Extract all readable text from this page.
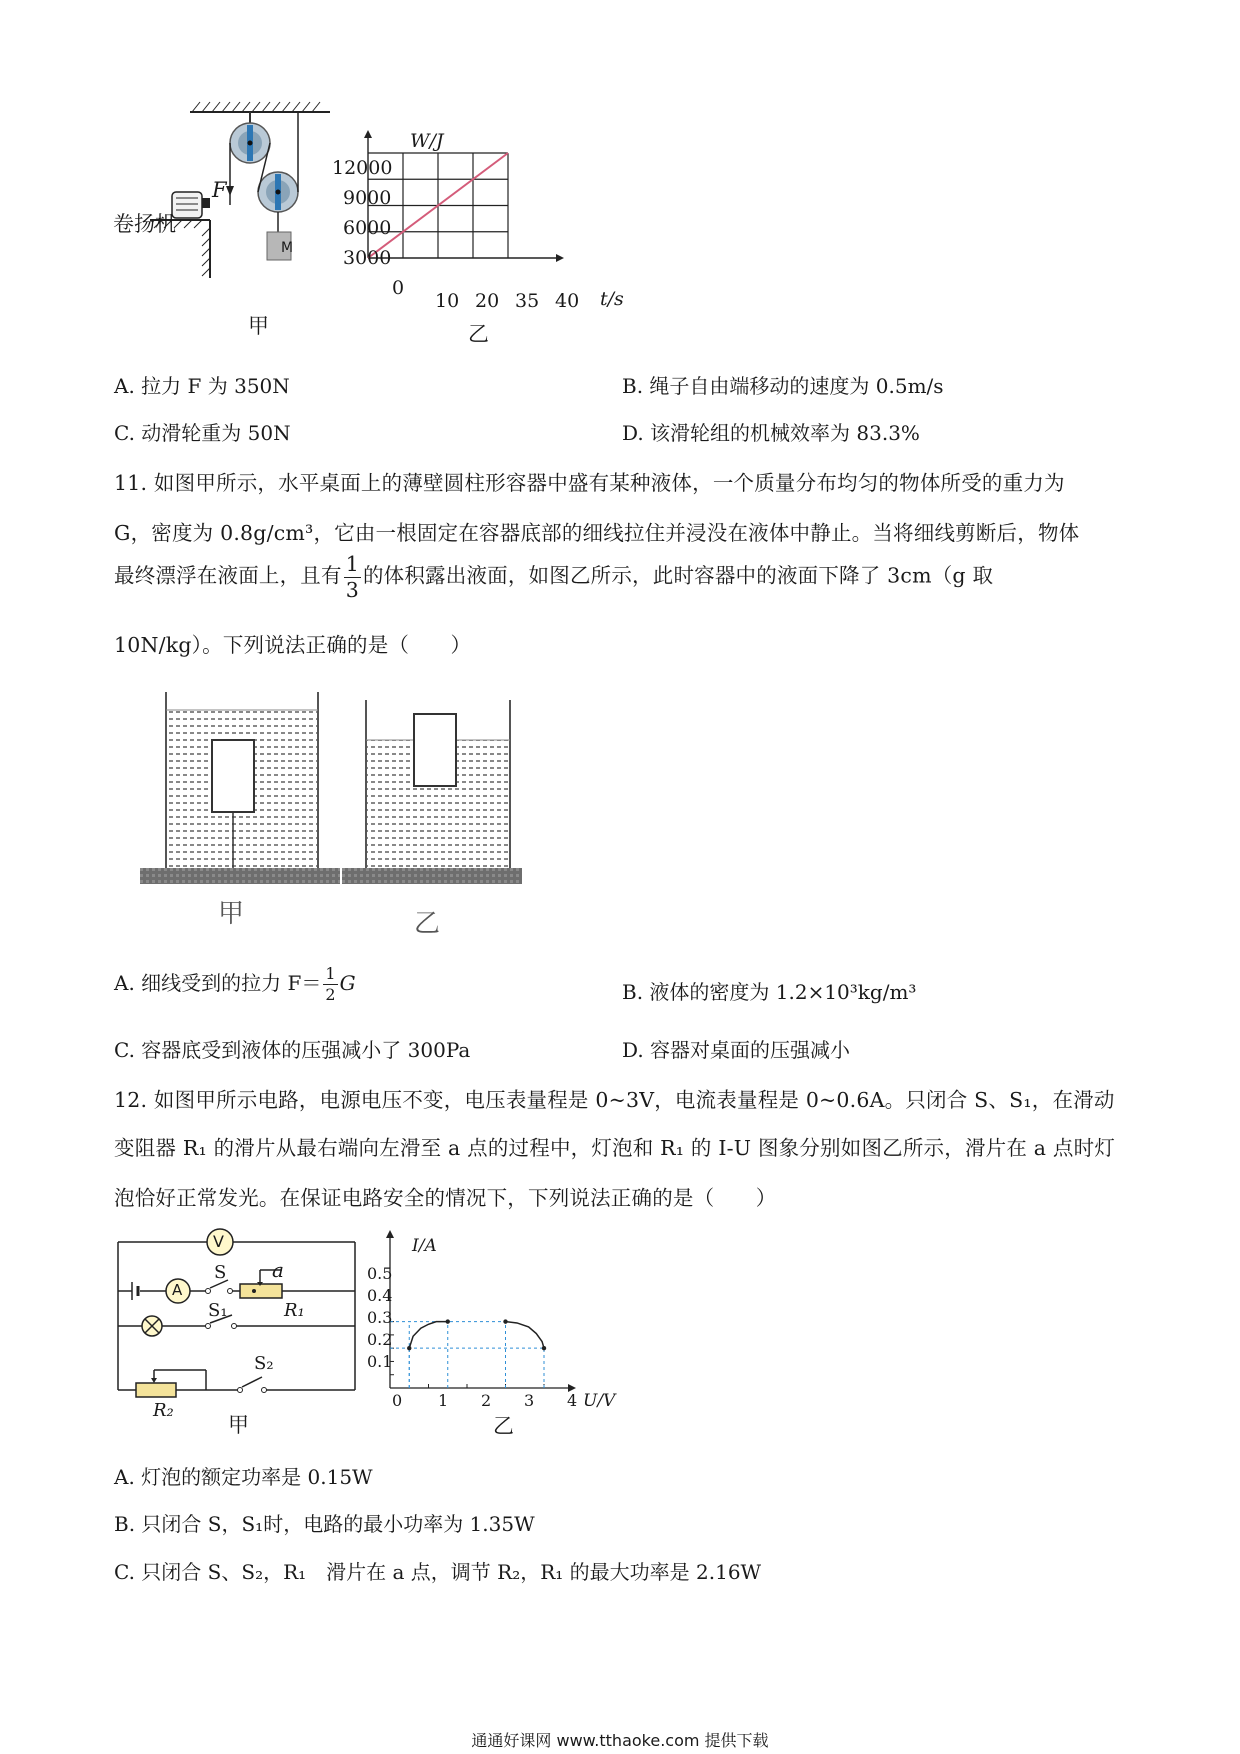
F
卷扬机
M
甲
W/J
t/s
12000
9000
6000
3000
0
10 20 35 40
乙
A. 拉力 F 为 350N	B. 绳子自由端移动的速度为 0.5m/s
C. 动滑轮重为 50N	D. 该滑轮组的机械效率为 83.3%
11. 如图甲所示，水平桌面上的薄壁圆柱形容器中盛有某种液体，一个质量分布均匀的物体所受的重力为
G，密度为 0.8g/cm³，它由一根固定在容器底部的细线拉住并浸没在液体中静止。当将细线剪断后，物体
最终漂浮在液面上，且有 $\frac{1}{3}$ 的体积露出液面，如图乙所示，此时容器中的液面下降了 3cm（g 取
10N/kg）。下列说法正确的是（　　）
甲	乙
A. 细线受到的拉力 $F= \frac{1}{2}$ G	B. 液体的密度为 1.2×10³kg/m³
C. 容器底受到液体的压强减小了 300Pa	D. 容器对桌面的压强减小
12. 如图甲所示电路，电源电压不变，电压表量程是 0~3V，电流表量程是 0~0.6A。只闭合 S、S₁，在滑动
变阻器 R₁ 的滑片从最右端向左滑至 a 点的过程中，灯泡和 R₁ 的 I-U 图象分别如图乙所示，滑片在 a 点时灯
泡恰好正常发光。在保证电路安全的情况下，下列说法正确的是（　　）
V
A
S a
R₁
S₁
S₂
R₂
甲
I/A
U/V
0.5
0.4
0.3
0.2
0.1
0 1 2 3 4
乙
A. 灯泡的额定功率是 0.15W
B. 只闭合 S，S₁时，电路的最小功率为 1.35W
C. 只闭合 S、S₂，R₁　滑片在 a 点，调节 R₂，R₁ 的最大功率是 2.16W
通通好课网 www.tthaoke.com 提供下载
